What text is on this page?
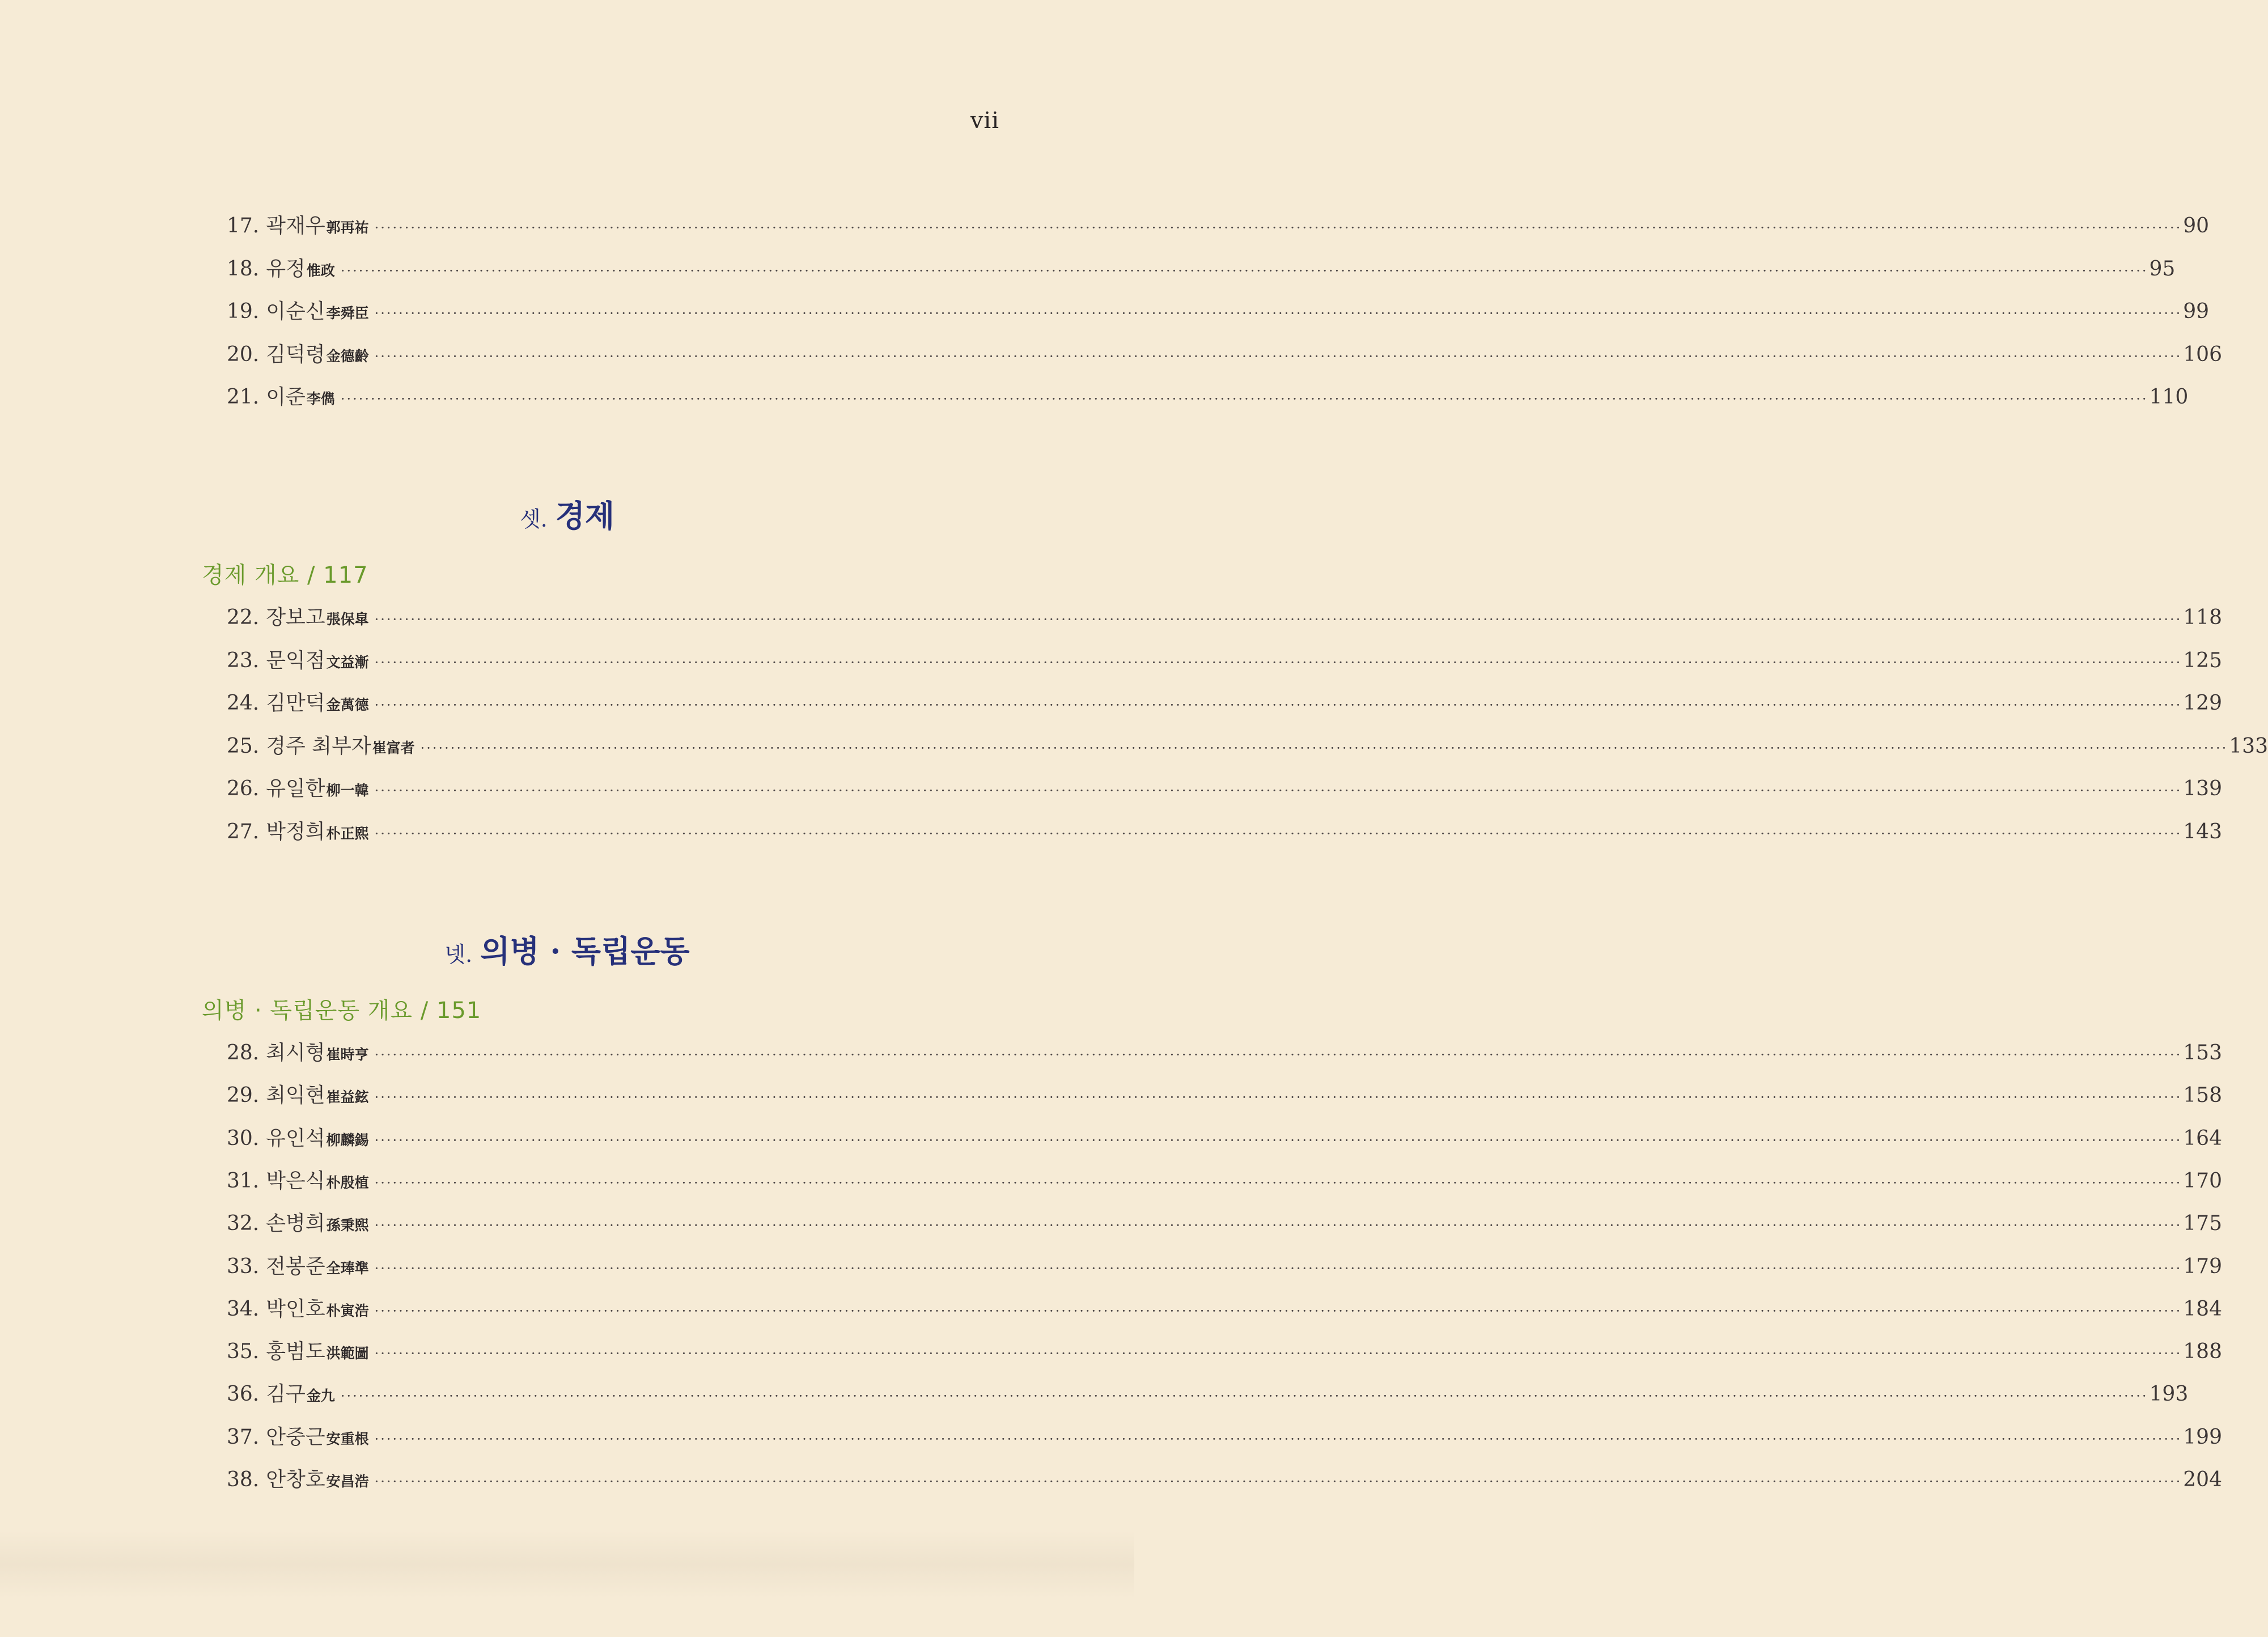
vii
17. 곽재우 郭再祐 ············································································································································································································································································································ 90
18. 유정 惟政 ············································································································································································································································································································ 95
19. 이순신 李舜臣 ············································································································································································································································································································ 99
20. 김덕령 金德齡 ············································································································································································································································································································ 106
21. 이준 李儁 ············································································································································································································································································································ 110
셋. 경제
경제 개요 / 117
22. 장보고 張保皐 ············································································································································································································································································································ 118
23. 문익점 文益漸 ············································································································································································································································································································ 125
24. 김만덕 金萬德 ············································································································································································································································································································ 129
25. 경주 최부자 崔富者 ············································································································································································································································································································ 133
26. 유일한 柳一韓 ············································································································································································································································································································ 139
27. 박정희 朴正熙 ············································································································································································································································································································ 143
넷. 의병 · 독립운동
의병 · 독립운동 개요 / 151
28. 최시형 崔時亨 ············································································································································································································································································································ 153
29. 최익현 崔益鉉 ············································································································································································································································································································ 158
30. 유인석 柳麟錫 ············································································································································································································································································································ 164
31. 박은식 朴殷植 ············································································································································································································································································································ 170
32. 손병희 孫秉熙 ············································································································································································································································································································ 175
33. 전봉준 全琫準 ············································································································································································································································································································ 179
34. 박인호 朴寅浩 ············································································································································································································································································································ 184
35. 홍범도 洪範圖 ············································································································································································································································································································ 188
36. 김구 金九 ············································································································································································································································································································ 193
37. 안중근 安重根 ············································································································································································································································································································ 199
38. 안창호 安昌浩 ············································································································································································································································································································ 204
